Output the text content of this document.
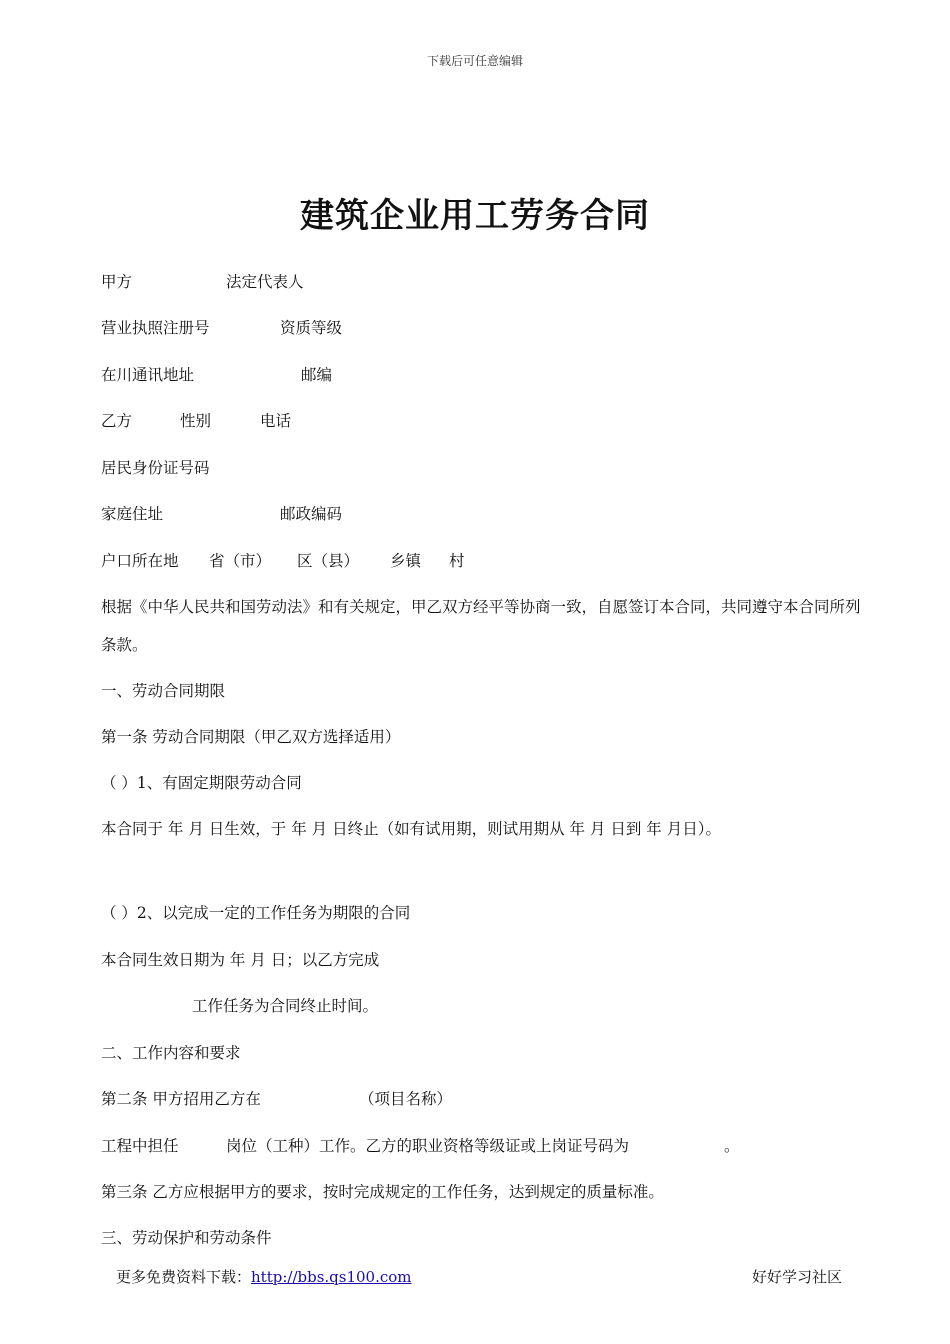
下载后可任意编辑
建筑企业用工劳务合同
甲方	法定代表人
营业执照注册号	资质等级
在川通讯地址	邮编
乙方	性别	电话
居民身份证号码
家庭住址	邮政编码
户口所在地 省（市） 区（县） 乡镇 村
根据《中华人民共和国劳动法》和有关规定，甲乙双方经平等协商一致，自愿签订本合同，共同遵守本合同所列条款。
一、劳动合同期限
第一条 劳动合同期限（甲乙双方选择适用）
（ ）1、有固定期限劳动合同
本合同于 年 月 日生效，于 年 月 日终止（如有试用期，则试用期从 年 月 日到 年 月日）。
（ ）2、以完成一定的工作任务为期限的合同
本合同生效日期为 年 月 日；以乙方完成
工作任务为合同终止时间。
二、工作内容和要求
第二条 甲方招用乙方在	（项目名称）
工程中担任	岗位（工种）工作。乙方的职业资格等级证或上岗证号码为	。
第三条 乙方应根据甲方的要求，按时完成规定的工作任务，达到规定的质量标准。
三、劳动保护和劳动条件
更多免费资料下载：http://bbs.qs100.com	好好学习社区
